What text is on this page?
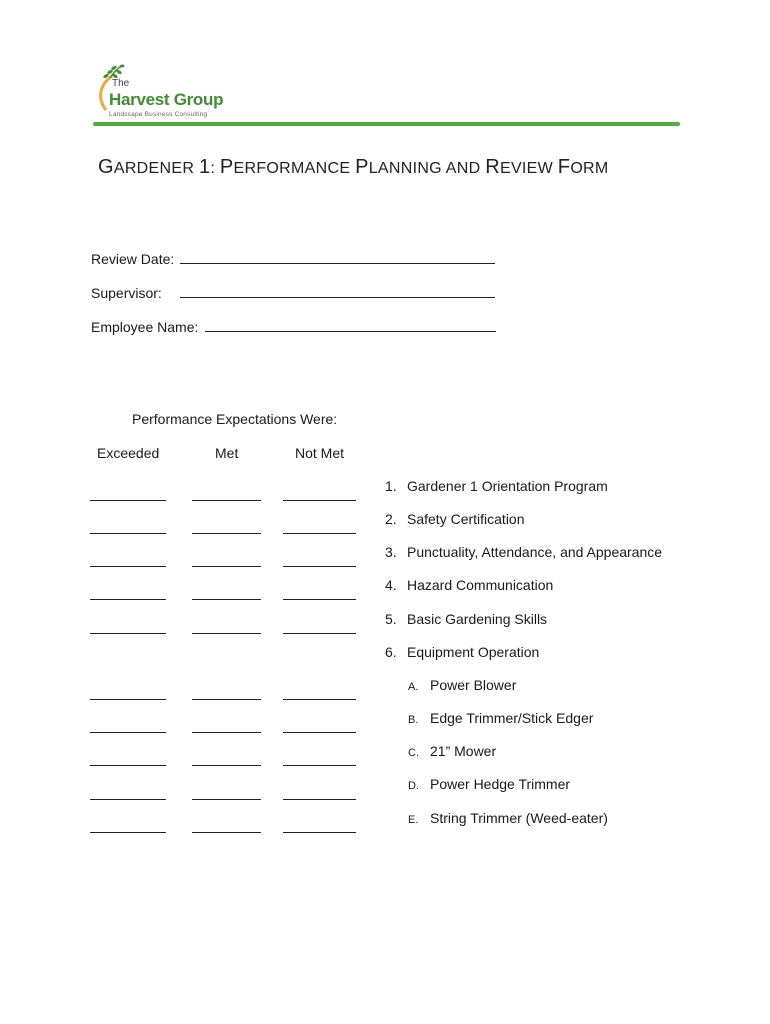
The
Harvest Group
Landscape Business Consulting
GARDENER 1: PERFORMANCE PLANNING AND REVIEW FORM
Review Date:
Supervisor:
Employee Name:
Performance Expectations Were:
Exceeded	Met	Not Met
1. Gardener 1 Orientation Program
2. Safety Certification
3. Punctuality, Attendance, and Appearance
4. Hazard Communication
5. Basic Gardening Skills
6. Equipment Operation
A. Power Blower
B. Edge Trimmer/Stick Edger
C. 21” Mower
D. Power Hedge Trimmer
E. String Trimmer (Weed-eater)
